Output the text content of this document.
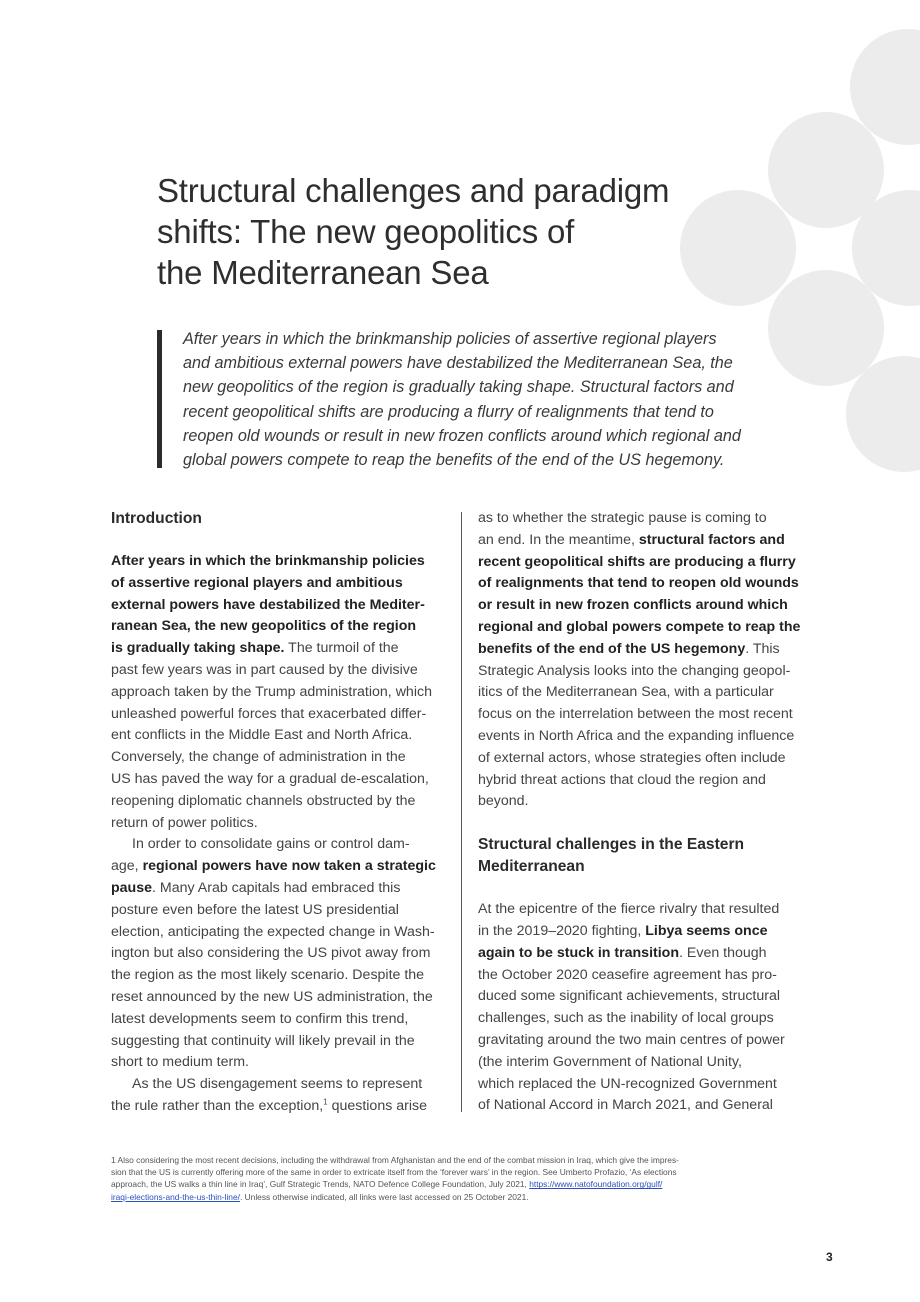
Structural challenges and paradigm
shifts: The new geopolitics of
the Mediterranean Sea

After years in which the brinkmanship policies of assertive regional players
and ambitious external powers have destabilized the Mediterranean Sea, the
new geopolitics of the region is gradually taking shape. Structural factors and
recent geopolitical shifts are producing a flurry of realignments that tend to
reopen old wounds or result in new frozen conflicts around which regional and
global powers compete to reap the benefits of the end of the US hegemony.

Introduction

After years in which the brinkmanship policies
of assertive regional players and ambitious
external powers have destabilized the Mediter-
ranean Sea, the new geopolitics of the region
is gradually taking shape. The turmoil of the
past few years was in part caused by the divisive
approach taken by the Trump administration, which
unleashed powerful forces that exacerbated differ-
ent conflicts in the Middle East and North Africa.
Conversely, the change of administration in the
US has paved the way for a gradual de-escalation,
reopening diplomatic channels obstructed by the
return of power politics.

In order to consolidate gains or control dam-
age, regional powers have now taken a strategic
pause. Many Arab capitals had embraced this
posture even before the latest US presidential
election, anticipating the expected change in Wash-
ington but also considering the US pivot away from
the region as the most likely scenario. Despite the
reset announced by the new US administration, the
latest developments seem to confirm this trend,
suggesting that continuity will likely prevail in the
short to medium term.

As the US disengagement seems to represent
the rule rather than the exception,$^1$ questions arise

as to whether the strategic pause is coming to
an end. In the meantime, structural factors and
recent geopolitical shifts are producing a flurry
of realignments that tend to reopen old wounds
or result in new frozen conflicts around which
regional and global powers compete to reap the
benefits of the end of the US hegemony. This
Strategic Analysis looks into the changing geopol-
itics of the Mediterranean Sea, with a particular
focus on the interrelation between the most recent
events in North Africa and the expanding influence
of external actors, whose strategies often include
hybrid threat actions that cloud the region and
beyond.

Structural challenges in the Eastern
Mediterranean

At the epicentre of the fierce rivalry that resulted
in the 2019–2020 fighting, Libya seems once
again to be stuck in transition. Even though
the October 2020 ceasefire agreement has pro-
duced some significant achievements, structural
challenges, such as the inability of local groups
gravitating around the two main centres of power
(the interim Government of National Unity,
which replaced the UN-recognized Government
of National Accord in March 2021, and General

1 Also considering the most recent decisions, including the withdrawal from Afghanistan and the end of the combat mission in Iraq, which give the impres-
sion that the US is currently offering more of the same in order to extricate itself from the ‘forever wars’ in the region. See Umberto Profazio, ‘As elections
approach, the US walks a thin line in Iraq’, Gulf Strategic Trends, NATO Defence College Foundation, July 2021, https://www.natofoundation.org/gulf/
iraqi-elections-and-the-us-thin-line/. Unless otherwise indicated, all links were last accessed on 25 October 2021.
3
